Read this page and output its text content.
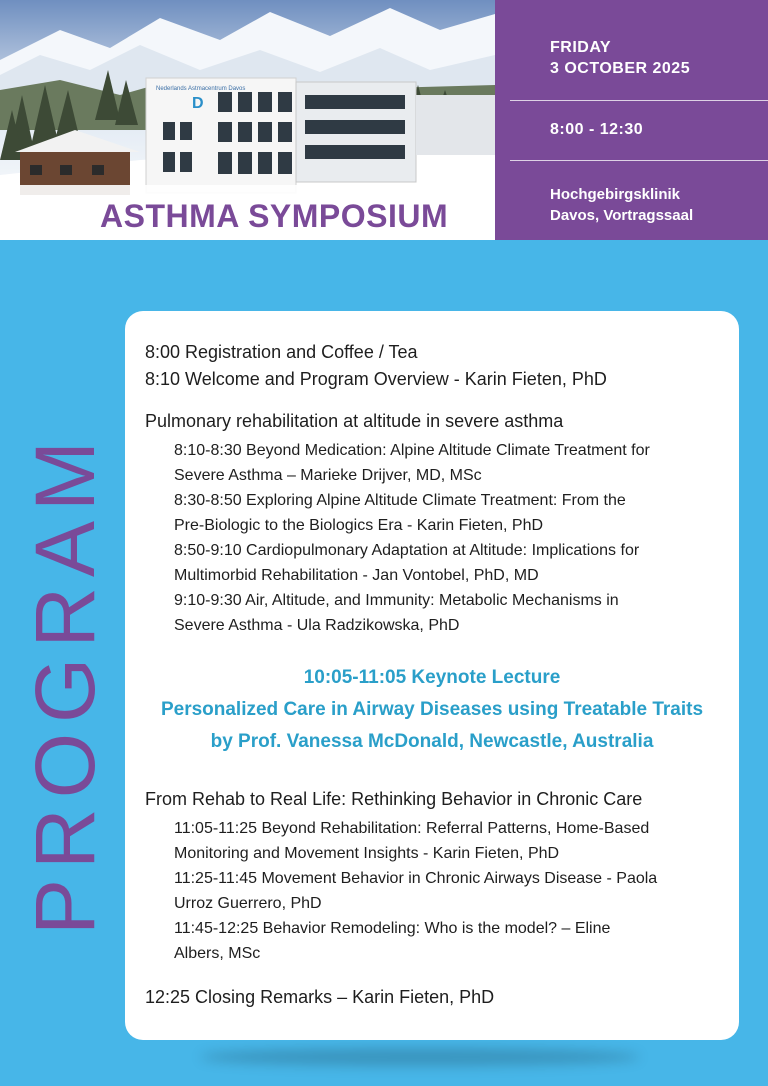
Nederlands Astmacentrum Davos
D
ASTHMA SYMPOSIUM
FRIDAY
3 OCTOBER 2025
8:00 - 12:30
Hochgebirgsklinik
Davos, Vortragssaal
PROGRAM
8:00 Registration and Coffee / Tea
8:10 Welcome and Program Overview - Karin Fieten, PhD
Pulmonary rehabilitation at altitude in severe asthma
8:10-8:30 Beyond Medication: Alpine Altitude Climate Treatment for
Severe Asthma – Marieke Drijver, MD, MSc
8:30-8:50 Exploring Alpine Altitude Climate Treatment: From the
Pre-Biologic to the Biologics Era - Karin Fieten, PhD
8:50-9:10 Cardiopulmonary Adaptation at Altitude: Implications for
Multimorbid Rehabilitation - Jan Vontobel, PhD, MD
9:10-9:30 Air, Altitude, and Immunity: Metabolic Mechanisms in
Severe Asthma - Ula Radzikowska, PhD
10:05-11:05 Keynote Lecture
Personalized Care in Airway Diseases using Treatable Traits
by Prof. Vanessa McDonald, Newcastle, Australia
From Rehab to Real Life: Rethinking Behavior in Chronic Care
11:05-11:25 Beyond Rehabilitation: Referral Patterns, Home-Based
Monitoring and Movement Insights - Karin Fieten, PhD
11:25-11:45 Movement Behavior in Chronic Airways Disease - Paola
Urroz Guerrero, PhD
11:45-12:25 Behavior Remodeling: Who is the model? – Eline
Albers, MSc
12:25 Closing Remarks – Karin Fieten, PhD
